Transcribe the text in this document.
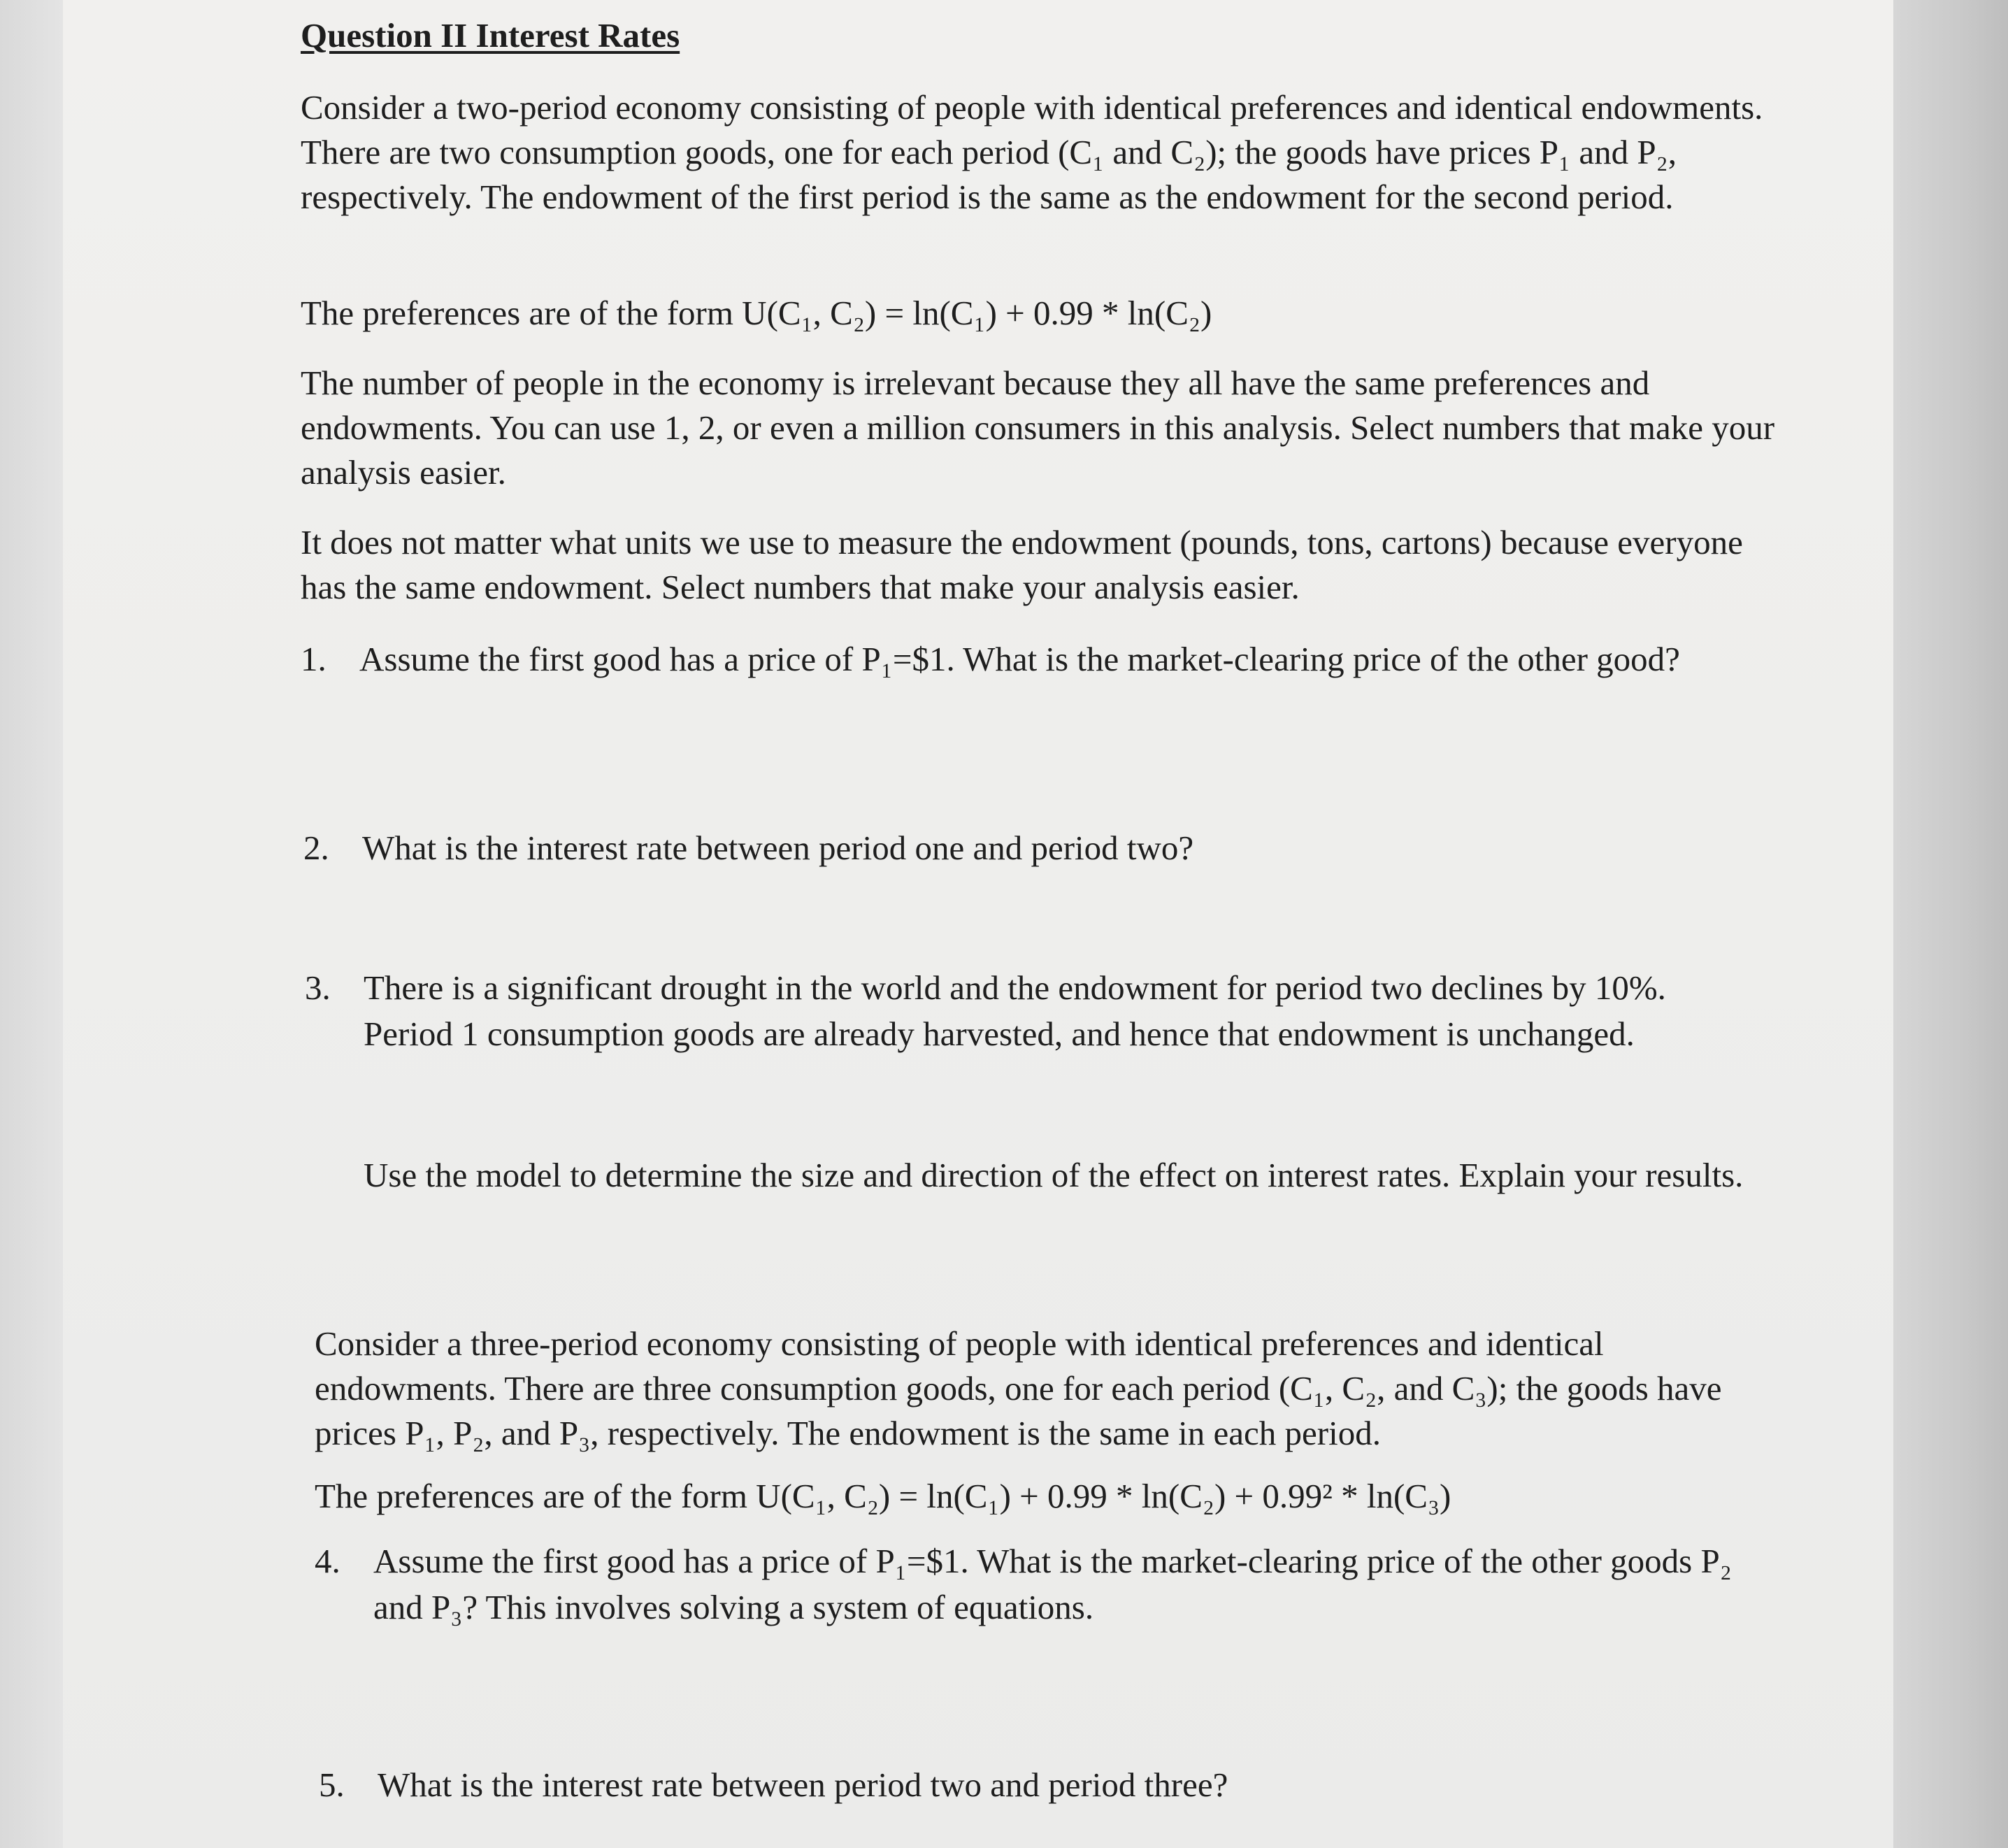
Question II Interest Rates

Consider a two-period economy consisting of people with identical preferences and identical endowments. There are two consumption goods, one for each period (C₁ and C₂); the goods have prices P₁ and P₂, respectively. The endowment of the first period is the same as the endowment for the second period.

The preferences are of the form U(C₁, C₂) = ln(C₁) + 0.99 * ln(C₂)

The number of people in the economy is irrelevant because they all have the same preferences and endowments. You can use 1, 2, or even a million consumers in this analysis. Select numbers that make your analysis easier.

It does not matter what units we use to measure the endowment (pounds, tons, cartons) because everyone has the same endowment. Select numbers that make your analysis easier.

1. Assume the first good has a price of P₁=$1. What is the market-clearing price of the other good?
2. What is the interest rate between period one and period two?
3. There is a significant drought in the world and the endowment for period two declines by 10%. Period 1 consumption goods are already harvested, and hence that endowment is unchanged.

Use the model to determine the size and direction of the effect on interest rates. Explain your results.

Consider a three-period economy consisting of people with identical preferences and identical endowments. There are three consumption goods, one for each period (C₁, C₂, and C₃); the goods have prices P₁, P₂, and P₃, respectively. The endowment is the same in each period.

The preferences are of the form U(C₁, C₂) = ln(C₁) + 0.99 * ln(C₂) + 0.99² * ln(C₃)

4. Assume the first good has a price of P₁=$1. What is the market-clearing price of the other goods P₂ and P₃? This involves solving a system of equations.
5. What is the interest rate between period two and period three?
